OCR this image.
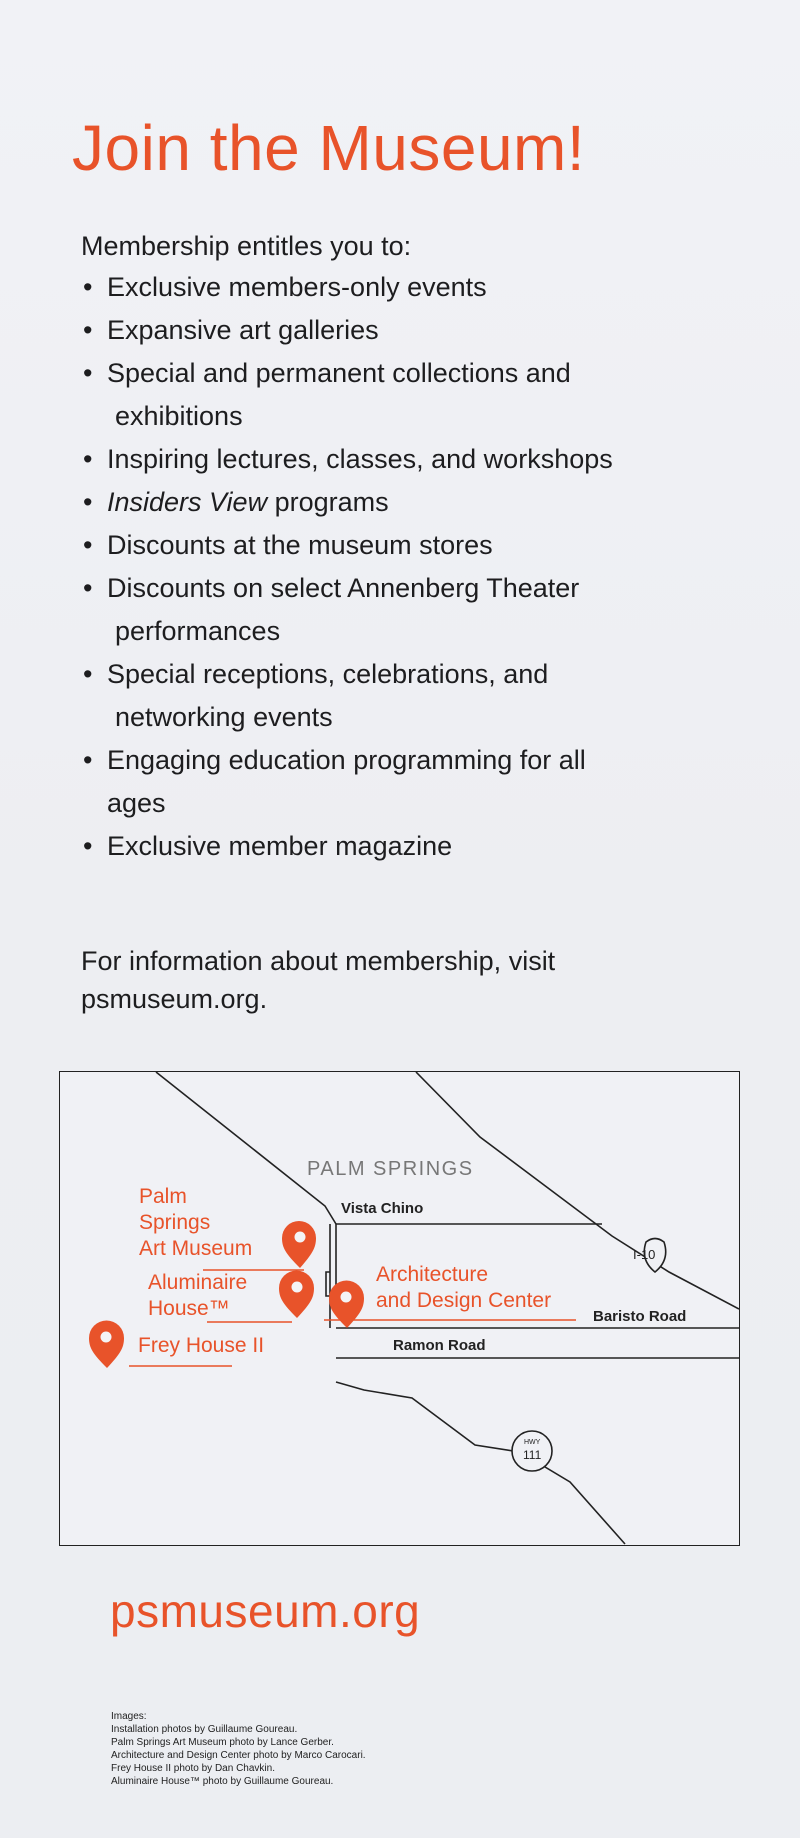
Join the Museum!

Membership entitles you to:

• Exclusive members-only events
• Expansive art galleries
• Special and permanent collections and
exhibitions
• Inspiring lectures, classes, and workshops
• Insiders View programs
• Discounts at the museum stores
• Discounts on select Annenberg Theater
performances
• Special receptions, celebrations, and
networking events
• Engaging education programming for all
ages
• Exclusive member magazine

For information about membership, visit
psmuseum.org.

PALM SPRINGS
Vista Chino
Baristo Road
Ramon Road
I-10
HWY
111
Palm
Springs
Art Museum
Aluminaire
House™
Architecture
and Design Center
Frey House II

psmuseum.org

Images:
Installation photos by Guillaume Goureau.
Palm Springs Art Museum photo by Lance Gerber.
Architecture and Design Center photo by Marco Carocari.
Frey House II photo by Dan Chavkin.
Aluminaire House™ photo by Guillaume Goureau.
